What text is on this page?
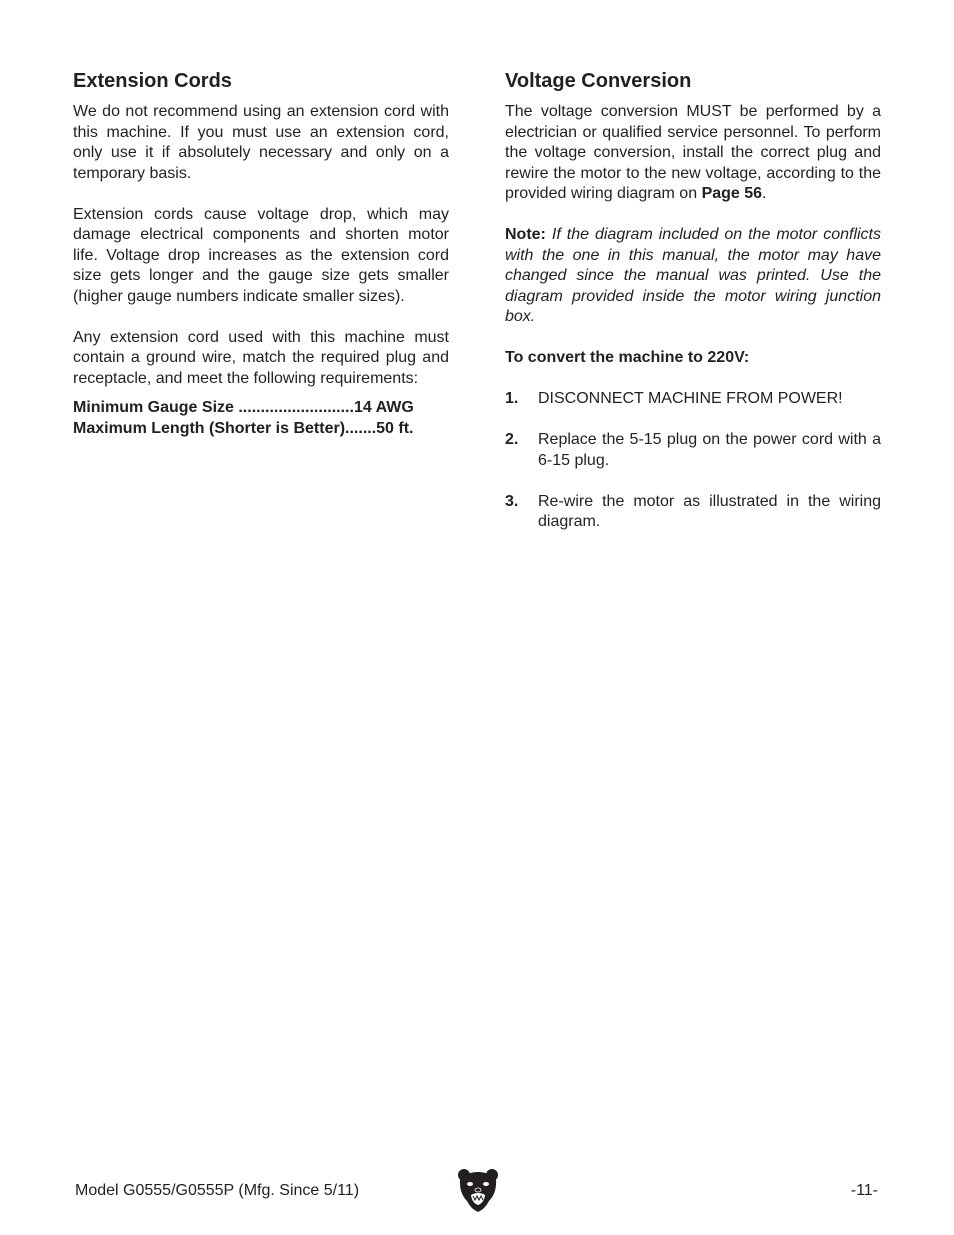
Extension Cords

We do not recommend using an extension cord with this machine. If you must use an extension cord, only use it if absolutely necessary and only on a temporary basis.

Extension cords cause voltage drop, which may damage electrical components and shorten motor life. Voltage drop increases as the extension cord size gets longer and the gauge size gets smaller (higher gauge numbers indicate smaller sizes).

Any extension cord used with this machine must contain a ground wire, match the required plug and receptacle, and meet the following requirements:

Minimum Gauge Size ..........................14 AWG
Maximum Length (Shorter is Better).......50 ft.
Voltage Conversion

The voltage conversion MUST be performed by a electrician or qualified service personnel. To perform the voltage conversion, install the correct plug and rewire the motor to the new voltage, according to the provided wiring diagram on Page 56.

Note: If the diagram included on the motor conflicts with the one in this manual, the motor may have changed since the manual was printed. Use the diagram provided inside the motor wiring junction box.

To convert the machine to 220V:

1.	DISCONNECT MACHINE FROM POWER!
2.	Replace the 5-15 plug on the power cord with a 6-15 plug.
3.	Re-wire the motor as illustrated in the wiring diagram.
Model G0555/G0555P (Mfg. Since 5/11)	-11-
